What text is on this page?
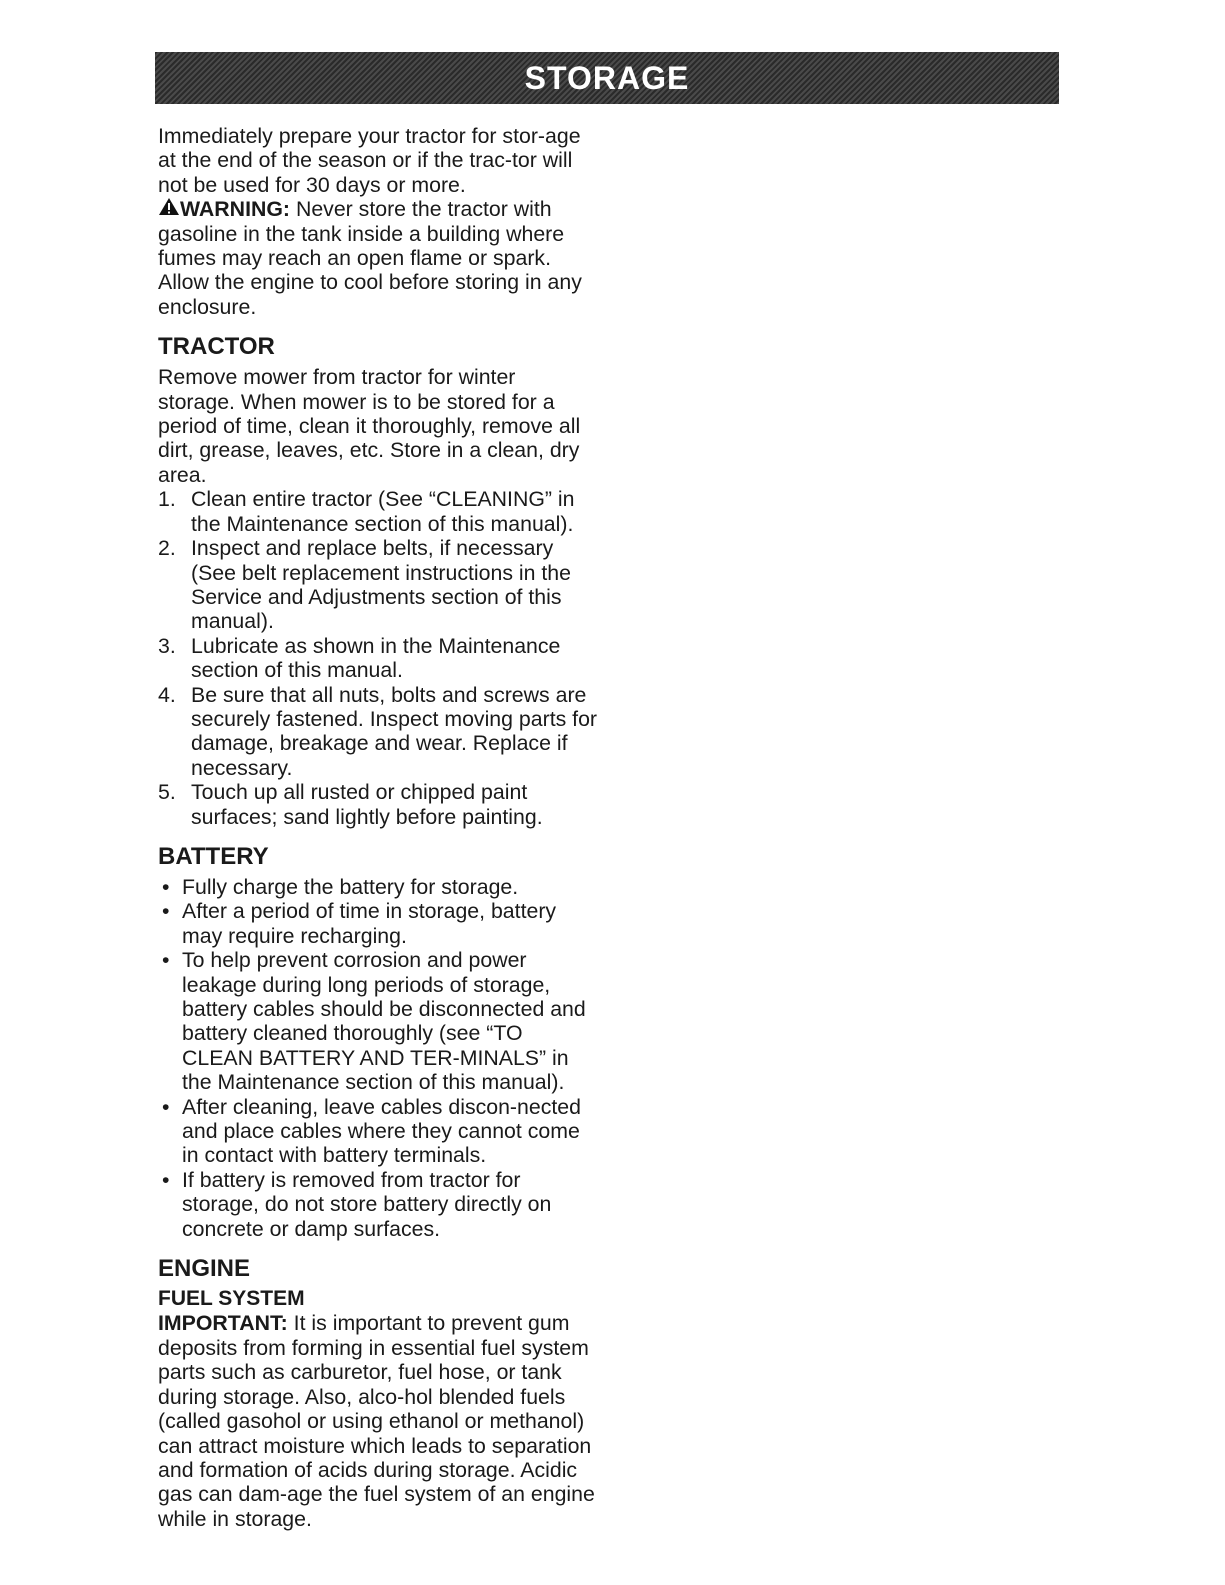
STORAGE

Immediately prepare your tractor for stor-age at the end of the season or if the trac-tor will not be used for 30 days or more.

WARNING: Never store the tractor with gasoline in the tank inside a building where fumes may reach an open flame or spark. Allow the engine to cool before storing in any enclosure.

TRACTOR

Remove mower from tractor for winter storage. When mower is to be stored for a period of time, clean it thoroughly, remove all dirt, grease, leaves, etc. Store in a clean, dry area.

1. Clean entire tractor (See “CLEANING” in the Maintenance section of this manual).
2. Inspect and replace belts, if necessary (See belt replacement instructions in the Service and Adjustments section of this manual).
3. Lubricate as shown in the Maintenance section of this manual.
4. Be sure that all nuts, bolts and screws are securely fastened. Inspect moving parts for damage, breakage and wear. Replace if necessary.
5. Touch up all rusted or chipped paint surfaces; sand lightly before painting.
BATTERY
• Fully charge the battery for storage.
• After a period of time in storage, battery may require recharging.
• To help prevent corrosion and power leakage during long periods of storage, battery cables should be disconnected and battery cleaned thoroughly (see “TO CLEAN BATTERY AND TER-MINALS” in the Maintenance section of this manual).
• After cleaning, leave cables discon-nected and place cables where they cannot come in contact with battery terminals.
• If battery is removed from tractor for storage, do not store battery directly on concrete or damp surfaces.
ENGINE
FUEL SYSTEM

IMPORTANT: It is important to prevent gum deposits from forming in essential fuel system parts such as carburetor, fuel hose, or tank during storage. Also, alco-hol blended fuels (called gasohol or using ethanol or methanol) can attract moisture which leads to separation and formation of acids during storage. Acidic gas can dam-age the fuel system of an engine while in storage.
